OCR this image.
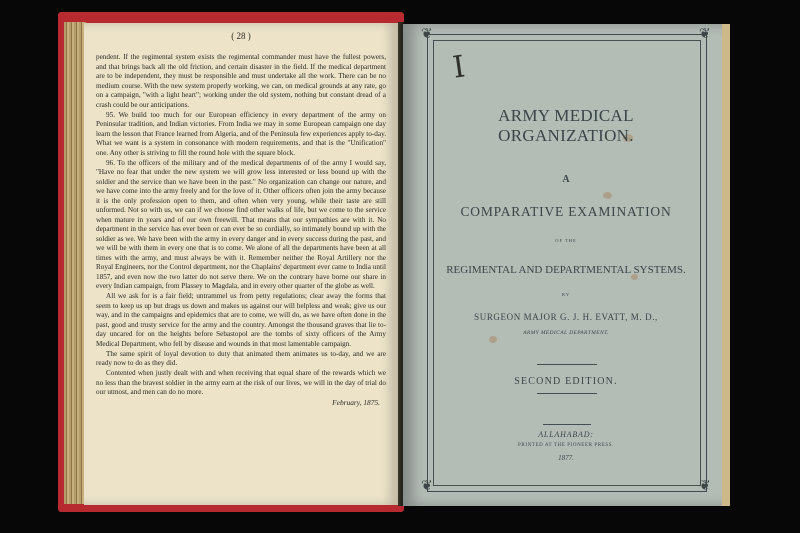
( 28 )

pendent. If the regimental system exists the regimental commander must have the fullest powers, and that brings back all the old friction, and certain disaster in the field. If the medical department are to be independent, they must be responsible and must undertake all the work. There can be no medium course. With the new system properly working, we can, on medical grounds at any rate, go on a campaign, "with a light heart"; working under the old system, nothing but constant dread of a crash could be our anticipations.

95. We build too much for our European efficiency in every department of the army on Peninsular tradition, and Indian victories. From India we may in some European campaign one day learn the lesson that France learned from Algeria, and of the Peninsula few experiences apply to-day. What we want is a system in consonance with modern requirements, and that is the "Unification" one. Any other is striving to fill the round hole with the square block.

96. To the officers of the military and of the medical departments of of the army I would say, "Have no fear that under the new system we will grow less interested or less bound up with the soldier and the service than we have been in the past." No organization can change our nature, and we have come into the army freely and for the love of it. Other officers often join the army because it is the only profession open to them, and often when very young, while their taste are still unformed. Not so with us, we can if we choose find other walks of life, but we come to the service when mature in years and of our own freewill. That means that our sympathies are with it. No department in the service has ever been or can ever be so cordially, so intimately bound up with the soldier as we. We have been with the army in every danger and in every success during the past, and we will be with them in every one that is to come. We alone of all the departments have been at all times with the army, and must always be with it. Remember neither the Royal Artillery nor the Royal Engineers, nor the Control department, nor the Chaplains' department ever came to India until 1857, and even now the two latter do not serve there. We on the contrary have borne our share in every Indian campaign, from Plassey to Magdala, and in every other quarter of the globe as well.

All we ask for is a fair field; untrammel us from petty regulations; clear away the forms that seem to keep us up but drags us down and makes us against our will helpless and weak; give us our way, and in the campaigns and epidemics that are to come, we will do, as we have often done in the past, good and trusty service for the army and the country. Amongst the thousand graves that lie to-day uncared for on the heights before Sebastopol are the tombs of sixty officers of the Army Medical Department, who fell by disease and wounds in that most lamentable campaign.

The same spirit of loyal devotion to duty that animated them animates us to-day, and we are ready now to do as they did.

Contented when justly dealt with and when receiving that equal share of the rewards which we no less than the bravest soldier in the army earn at the risk of our lives, we will in the day of trial do our utmost, and men can do no more.

February, 1875.
❦	❦
❦	❦
I
ARMY MEDICAL ORGANIZATION.
A
COMPARATIVE EXAMINATION
OF THE
REGIMENTAL AND DEPARTMENTAL SYSTEMS.
BY
SURGEON MAJOR G. J. H. EVATT, M. D.,
ARMY MEDICAL DEPARTMENT.
SECOND EDITION.
ALLAHABAD:
PRINTED AT THE PIONEER PRESS.
1877.
